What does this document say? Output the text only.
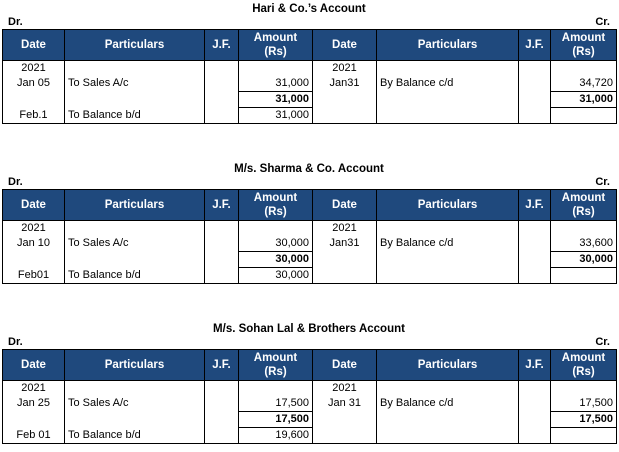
Hari & Co.’s Account
Dr.	Cr.
Date	Particulars	J.F.	Amount
(Rs)	Date	Particulars	J.F.	Amount
(Rs)
2021				2021			
Jan 05	To Sales A/c		31,000	Jan31	By Balance c/d		34,720
			31,000				31,000
Feb.1	To Balance b/d		31,000				
M/s. Sharma & Co. Account
Dr.	Cr.
Date	Particulars	J.F.	Amount
(Rs)	Date	Particulars	J.F.	Amount
(Rs)
2021				2021			
Jan 10	To Sales A/c		30,000	Jan31	By Balance c/d		33,600
			30,000				30,000
Feb01	To Balance b/d		30,000				
M/s. Sohan Lal & Brothers Account
Dr.	Cr.
Date	Particulars	J.F.	Amount
(Rs)	Date	Particulars	J.F.	Amount
(Rs)
2021				2021			
Jan 25	To Sales A/c		17,500	Jan 31	By Balance c/d		17,500
			17,500				17,500
Feb 01	To Balance b/d		19,600				
